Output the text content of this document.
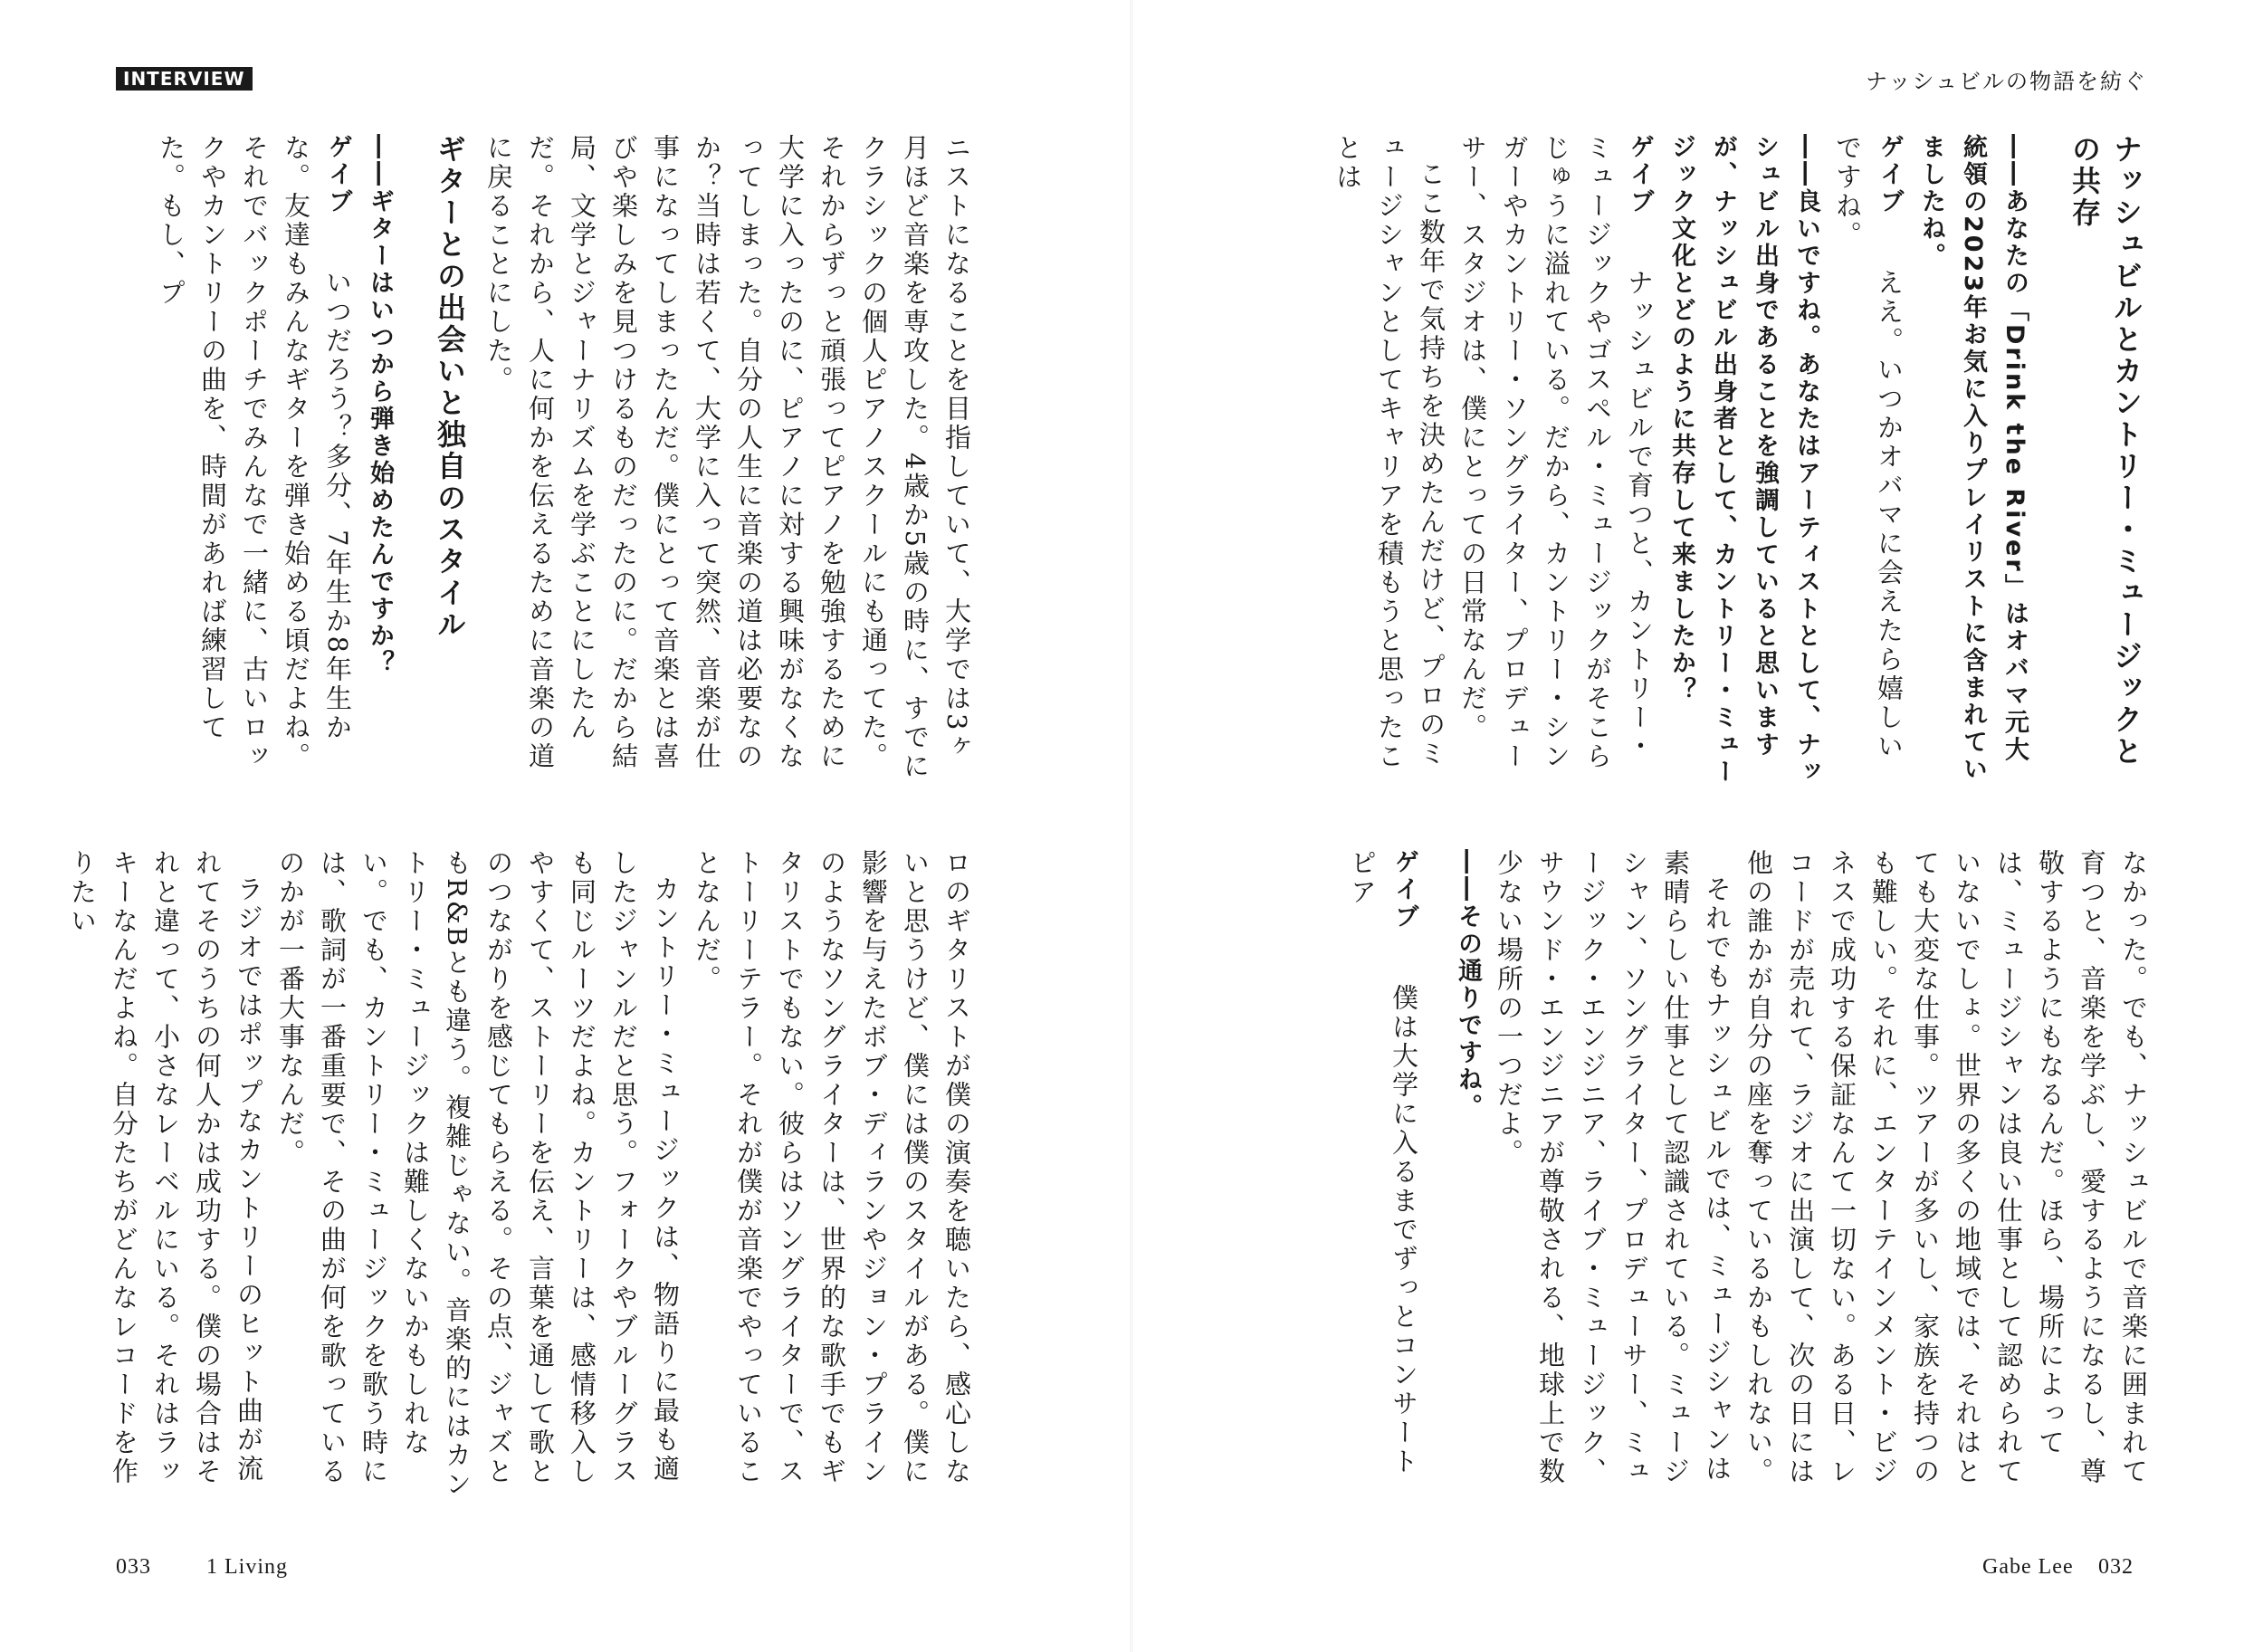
INTERVIEW	ナッシュビルの物語を紡ぐ

ナッシュビルとカントリー・ミュージックとの共存

――あなたの「Drink the River」はオバマ元大統領の2023年お気に入りプレイリストに含まれていましたね。

ゲイブ　ええ。いつかオバマに会えたら嬉しいですね。

――良いですね。あなたはアーティストとして、ナッシュビル出身であることを強調していると思いますが、ナッシュビル出身者として、カントリー・ミュージック文化とどのように共存して来ましたか？

ゲイブ　ナッシュビルで育つと、カントリー・ミュージックやゴスペル・ミュージックがそこらじゅうに溢れている。だから、カントリー・シンガーやカントリー・ソングライター、プロデューサー、スタジオは、僕にとっての日常なんだ。

ここ数年で気持ちを決めたんだけど、プロのミュージシャンとしてキャリアを積もうと思ったことは

なかった。でも、ナッシュビルで音楽に囲まれて育つと、音楽を学ぶし、愛するようになるし、尊敬するようにもなるんだ。ほら、場所によっては、ミュージシャンは良い仕事として認められていないでしょ。世界の多くの地域では、それはとても大変な仕事。ツアーが多いし、家族を持つのも難しい。それに、エンターテインメント・ビジネスで成功する保証なんて一切ない。ある日、レコードが売れて、ラジオに出演して、次の日には他の誰かが自分の座を奪っているかもしれない。

それでもナッシュビルでは、ミュージシャンは素晴らしい仕事として認識されている。ミュージシャン、ソングライター、プロデューサー、ミュージック・エンジニア、ライブ・ミュージック、サウンド・エンジニアが尊敬される、地球上で数少ない場所の一つだよ。

――その通りですね。

ゲイブ　僕は大学に入るまでずっとコンサートピア

ニストになることを目指していて、大学では3ヶ月ほど音楽を専攻した。4歳か5歳の時に、すでにクラシックの個人ピアノスクールにも通ってた。それからずっと頑張ってピアノを勉強するために大学に入ったのに、ピアノに対する興味がなくなってしまった。自分の人生に音楽の道は必要なのか？当時は若くて、大学に入って突然、音楽が仕事になってしまったんだ。僕にとって音楽とは喜びや楽しみを見つけるものだったのに。だから結局、文学とジャーナリズムを学ぶことにしたんだ。それから、人に何かを伝えるために音楽の道に戻ることにした。

ギターとの出会いと独自のスタイル

――ギターはいつから弾き始めたんですか？

ゲイブ　いつだろう？多分、7年生か8年生かな。友達もみんなギターを弾き始める頃だよね。それでバックポーチでみんなで一緒に、古いロックやカントリーの曲を、時間があれば練習してた。もし、プ

ロのギタリストが僕の演奏を聴いたら、感心しないと思うけど、僕には僕のスタイルがある。僕に影響を与えたボブ・ディランやジョン・プラインのようなソングライターは、世界的な歌手でもギタリストでもない。彼らはソングライターで、ストーリーテラー。それが僕が音楽でやっていることなんだ。

カントリー・ミュージックは、物語りに最も適したジャンルだと思う。フォークやブルーグラスも同じルーツだよね。カントリーは、感情移入しやすくて、ストーリーを伝え、言葉を通して歌とのつながりを感じてもらえる。その点、ジャズともR&Bとも違う。複雑じゃない。音楽的にはカントリー・ミュージックは難しくないかもしれない。でも、カントリー・ミュージックを歌う時には、歌詞が一番重要で、その曲が何を歌っているのかが一番大事なんだ。

ラジオではポップなカントリーのヒット曲が流れてそのうちの何人かは成功する。僕の場合はそれと違って、小さなレーベルにいる。それはラッキーなんだよね。自分たちがどんなレコードを作りたい

033	1 Living	Gabe Lee 032
